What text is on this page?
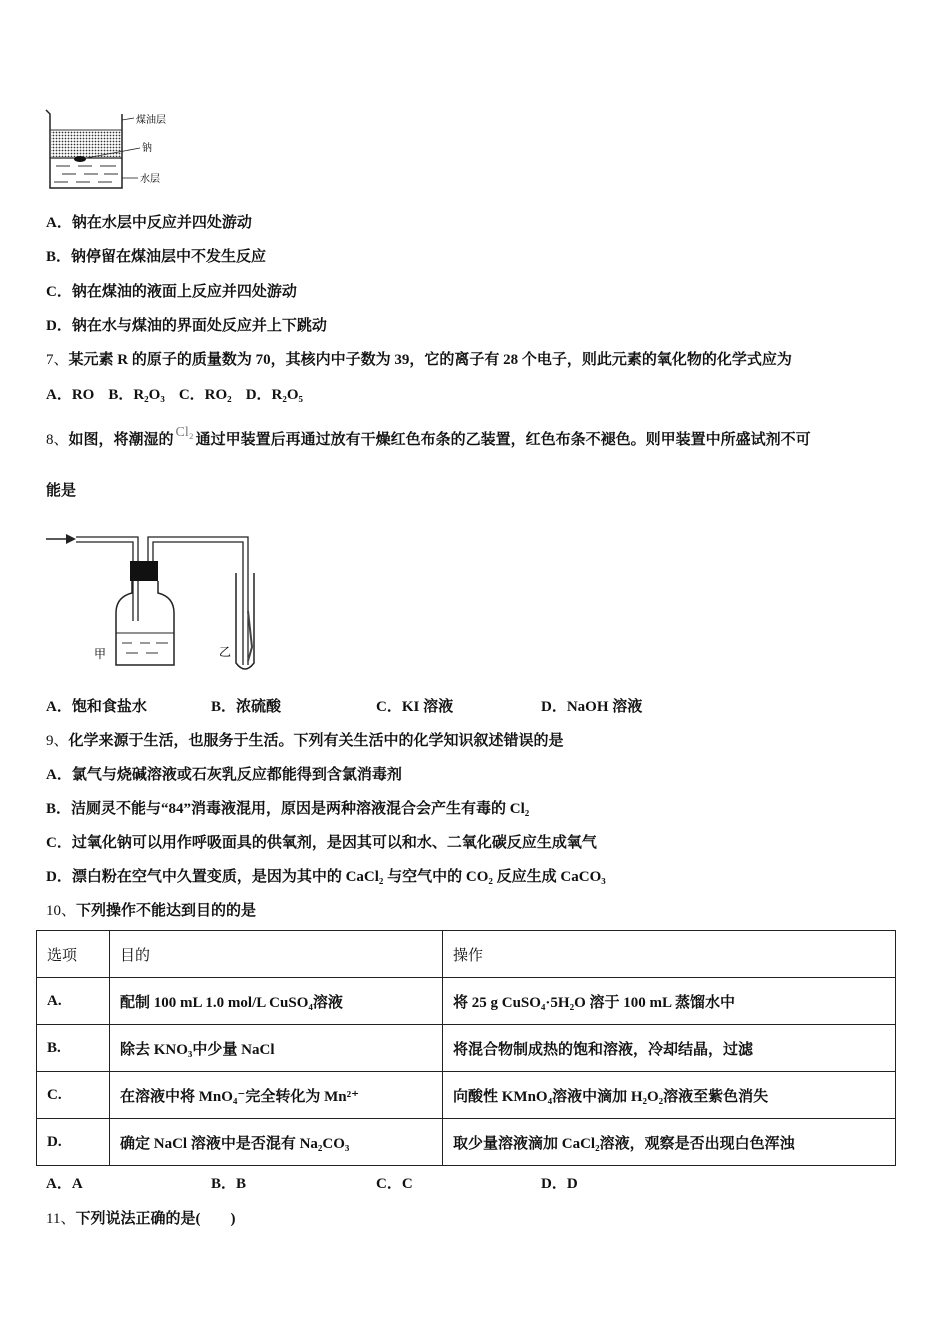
煤油层
钠
水层
A．钠在水层中反应并四处游动
B．钠停留在煤油层中不发生反应
C．钠在煤油的液面上反应并四处游动
D．钠在水与煤油的界面处反应并上下跳动
7、某元素 R 的原子的质量数为 70，其核内中子数为 39，它的离子有 28 个电子，则此元素的氧化物的化学式应为
A．RO B．R₂O₃ C．RO₂ D．R₂O₅
8、如图，将潮湿的 Cl₂ 通过甲装置后再通过放有干燥红色布条的乙装置，红色布条不褪色。则甲装置中所盛试剂不可
能是
甲	乙
A．饱和食盐水	B．浓硫酸	C．KI 溶液	D．NaOH 溶液
9、化学来源于生活，也服务于生活。下列有关生活中的化学知识叙述错误的是
A．氯气与烧碱溶液或石灰乳反应都能得到含氯消毒剂
B．洁厕灵不能与“84”消毒液混用，原因是两种溶液混合会产生有毒的 Cl₂
C．过氧化钠可以用作呼吸面具的供氧剂，是因其可以和水、二氧化碳反应生成氧气
D．漂白粉在空气中久置变质，是因为其中的 CaCl₂ 与空气中的 CO₂ 反应生成 CaCO₃
10、下列操作不能达到目的的是
选项	目的	操作
A.	配制 100 mL 1.0 mol/L CuSO₄溶液	将 25 g CuSO₄·5H₂O 溶于 100 mL 蒸馏水中
B.	除去 KNO₃中少量 NaCl	将混合物制成热的饱和溶液，冷却结晶，过滤
C.	在溶液中将 MnO₄⁻完全转化为 Mn²⁺	向酸性 KMnO₄溶液中滴加 H₂O₂溶液至紫色消失
D.	确定 NaCl 溶液中是否混有 Na₂CO₃	取少量溶液滴加 CaCl₂溶液，观察是否出现白色浑浊
A．A	B．B	C．C	D．D
11、下列说法正确的是(　　)
